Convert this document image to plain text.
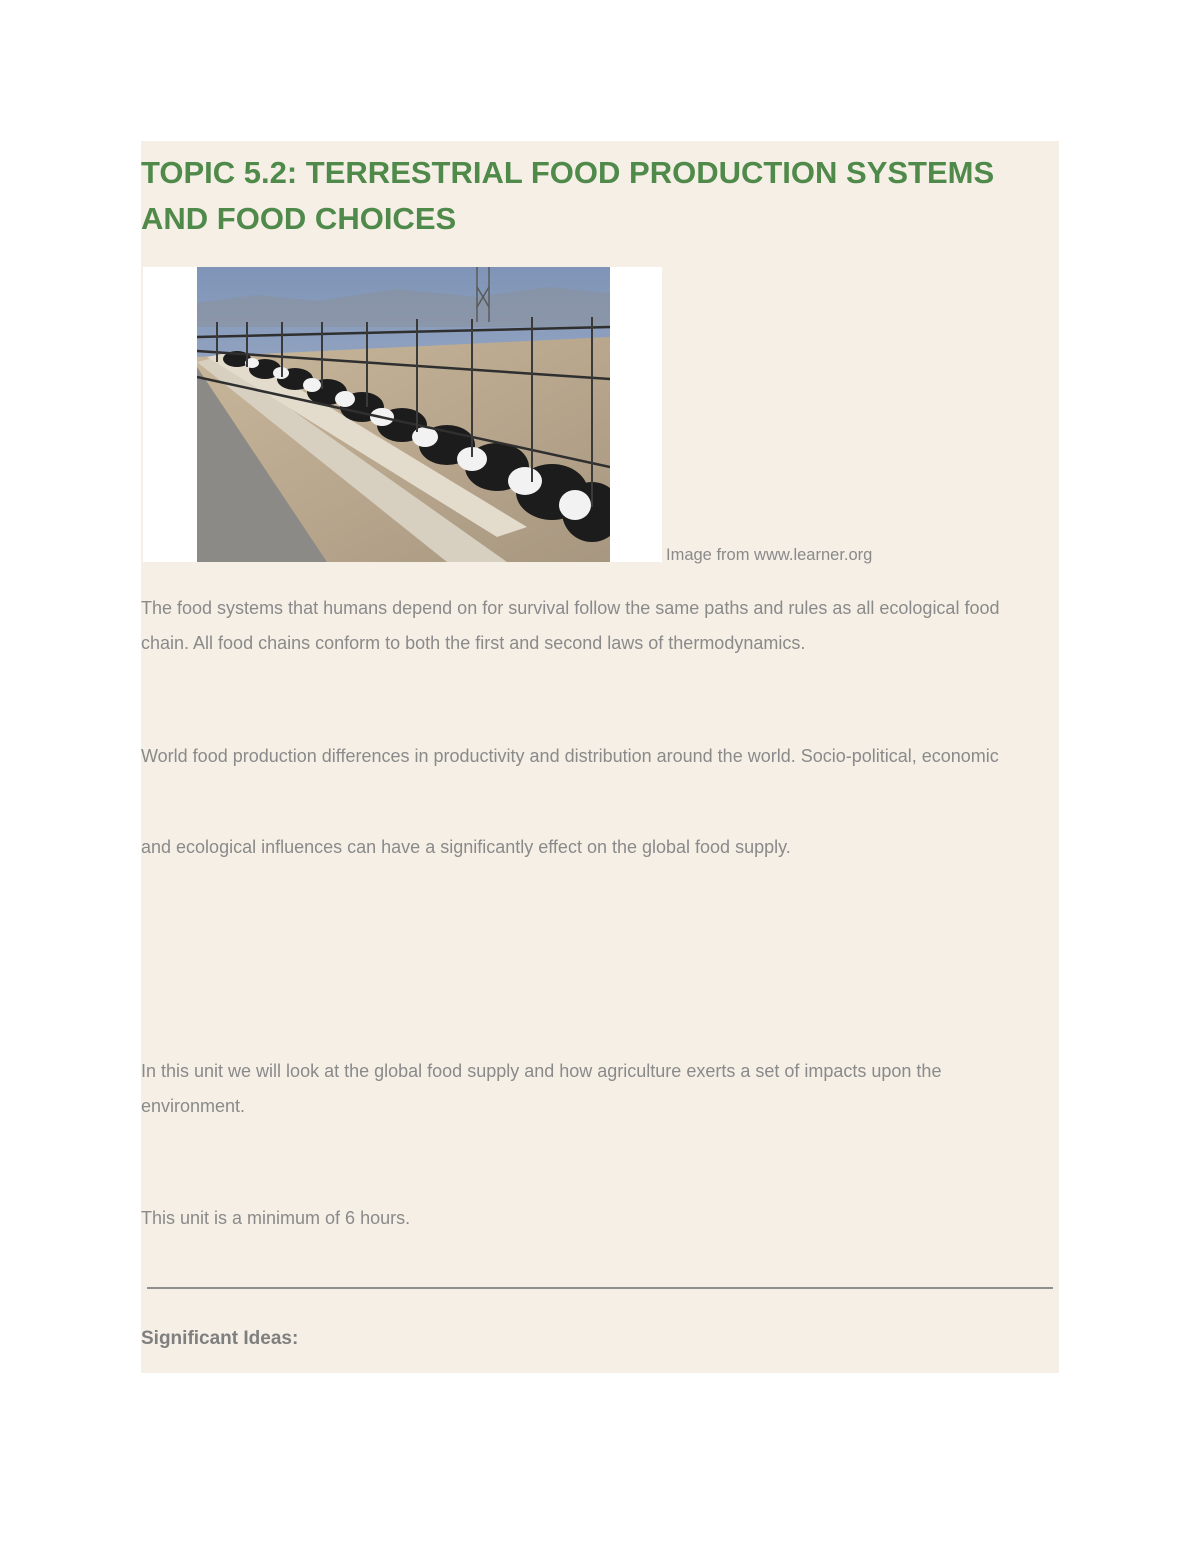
TOPIC 5.2: TERRESTRIAL FOOD PRODUCTION SYSTEMS AND FOOD CHOICES
Image from www.learner.org

The food systems that humans depend on for survival follow the same paths and rules as all ecological food chain. All food chains conform to both the first and second laws of thermodynamics.

World food production differences in productivity and distribution around the world. Socio-political, economic

and ecological influences can have a significantly effect on the global food supply.

In this unit we will look at the global food supply and how agriculture exerts a set of impacts upon the environment.

This unit is a minimum of 6 hours.

Significant Ideas:
